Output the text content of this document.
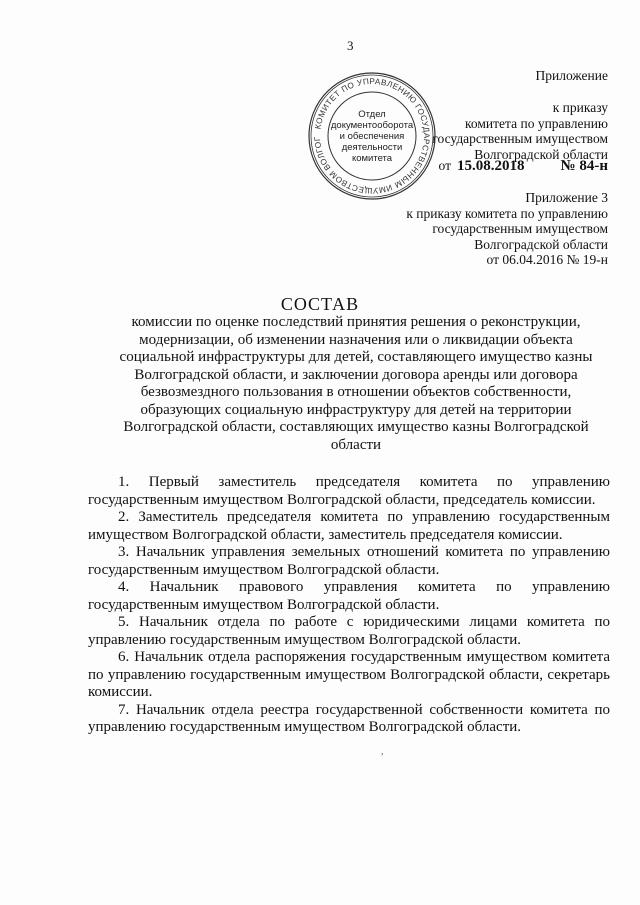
3
Приложение
к приказу
комитета по управлению
государственным имуществом
Волгоградской области
от 15.08.2018 № 84-н
Приложение 3
к приказу комитета по управлению
государственным имуществом
Волгоградской области
от 06.04.2016 № 19-н
КОМИТЕТ ПО УПРАВЛЕНИЮ ГОСУДАРСТВЕННЫМ ИМУЩЕСТВОМ ВОЛГОГ
Отдел
документооборота
и обеспечения
деятельности
комитета
СОСТАВ

комиссии по оценке последствий принятия решения о реконструкции, модернизации, об изменении назначения или о ликвидации объекта социальной инфраструктуры для детей, составляющего имущество казны Волгоградской области, и заключении договора аренды или договора безвозмездного пользования в отношении объектов собственности, образующих социальную инфраструктуру для детей на территории Волгоградской области, составляющих имущество казны Волгоградской области

1. Первый заместитель председателя комитета по управлению государственным имуществом Волгоградской области, председатель комиссии.

2. Заместитель председателя комитета по управлению государственным имуществом Волгоградской области, заместитель председателя комиссии.

3. Начальник управления земельных отношений комитета по управлению государственным имуществом Волгоградской области.

4. Начальник правового управления комитета по управлению государственным имуществом Волгоградской области.

5. Начальник отдела по работе с юридическими лицами комитета по управлению государственным имуществом Волгоградской области.

6. Начальник отдела распоряжения государственным имуществом комитета по управлению государственным имуществом Волгоградской области, секретарь комиссии.

7. Начальник отдела реестра государственной собственности комитета по управлению государственным имуществом Волгоградской области.

,
